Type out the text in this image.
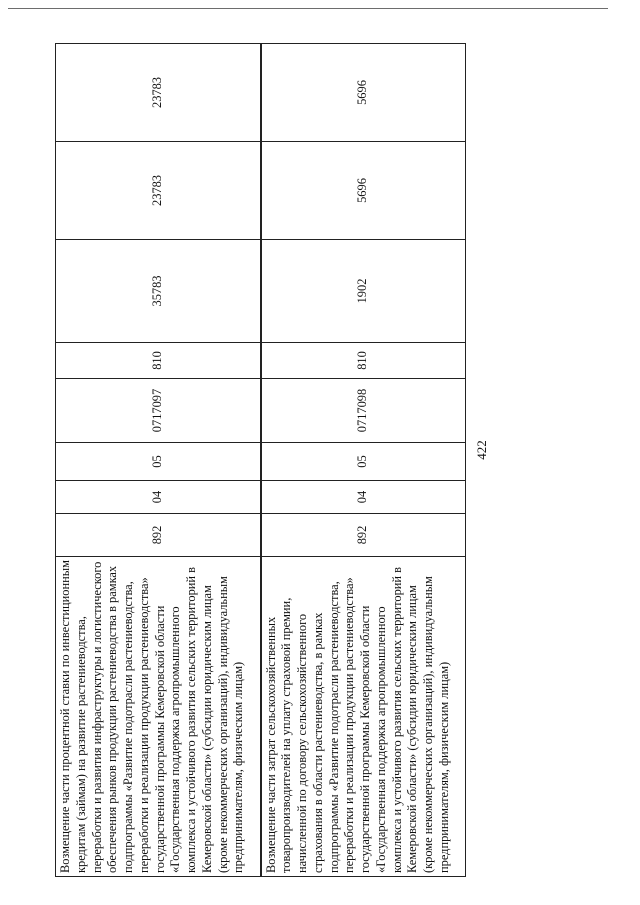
422
Возмещение части процентной ставки по инвестиционным кредитам (займам) на развитие растениеводства, переработки и развития инфраструктуры и логистического обеспечения рынков продукции растениеводства в рамках подпрограммы «Развитие подотрасли растениеводства, переработки и реализации продукции растениеводства» государственной программы Кемеровской области «Государственная поддержка агропромышленного комплекса и устойчивого развития сельских территорий в Кемеровской области» (субсидии юридическим лицам (кроме некоммерческих организаций), индивидуальным предпринимателям, физическим лицам)	892	04	05	0717097	810	35783	23783	23783
Возмещение части затрат сельскохозяйственных товаропроизводителей на уплату страховой премии, начисленной по договору сельскохозяйственного страхования в области растениеводства, в рамках подпрограммы «Развитие подотрасли растениеводства, переработки и реализации продукции растениеводства» государственной программы Кемеровской области «Государственная поддержка агропромышленного комплекса и устойчивого развития сельских территорий в Кемеровской области» (субсидии юридическим лицам (кроме некоммерческих организаций), индивидуальным предпринимателям, физическим лицам)	892	04	05	0717098	810	1902	5696	5696
